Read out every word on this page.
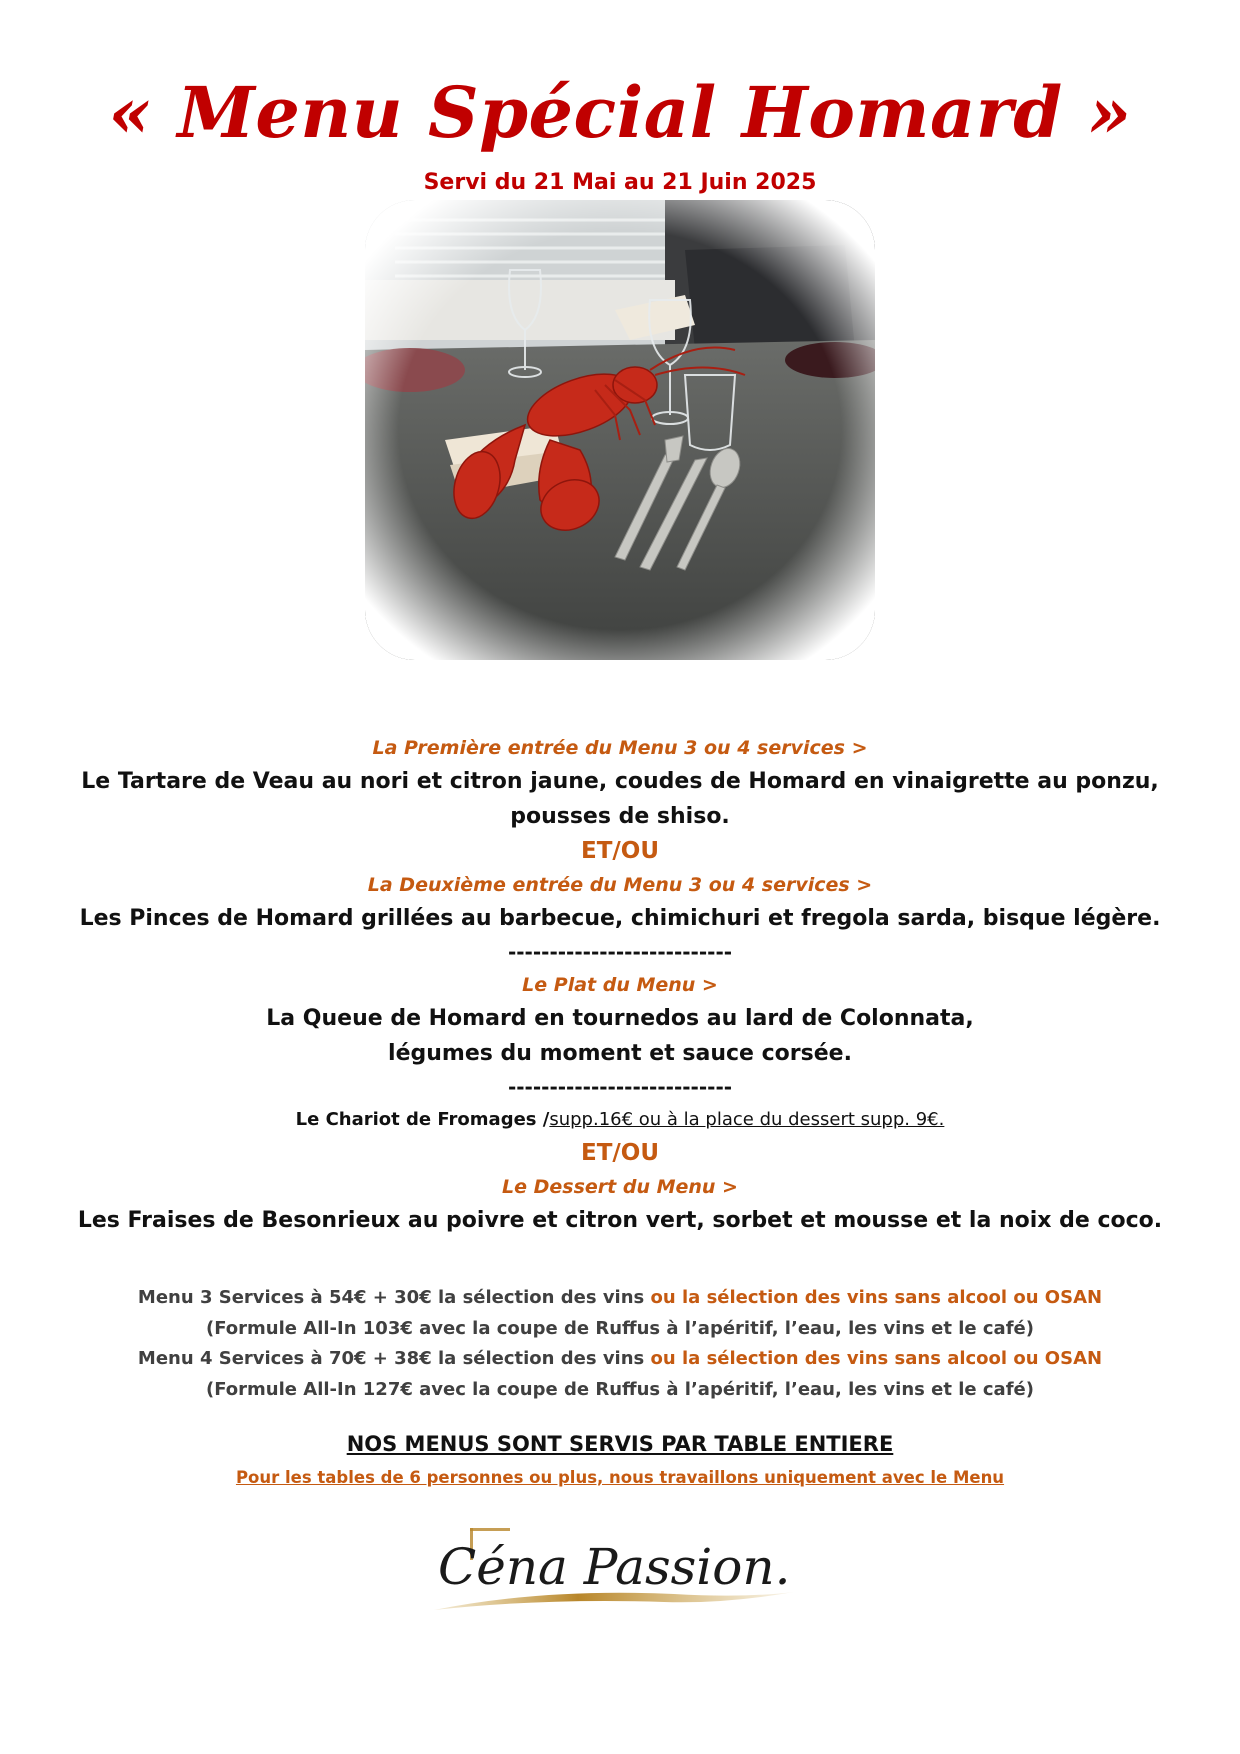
« Menu Spécial Homard »
Servi du 21 Mai au 21 Juin 2025
La Première entrée du Menu 3 ou 4 services >
Le Tartare de Veau au nori et citron jaune, coudes de Homard en vinaigrette au ponzu,
pousses de shiso.
ET/OU
La Deuxième entrée du Menu 3 ou 4 services >
Les Pinces de Homard grillées au barbecue, chimichuri et fregola sarda, bisque légère.
---------------------------
Le Plat du Menu >
La Queue de Homard en tournedos au lard de Colonnata,
légumes du moment et sauce corsée.
---------------------------
Le Chariot de Fromages /supp.16€ ou à la place du dessert supp. 9€.
ET/OU
Le Dessert du Menu >
Les Fraises de Besonrieux au poivre et citron vert, sorbet et mousse et la noix de coco.
Menu 3 Services à 54€ + 30€ la sélection des vins ou la sélection des vins sans alcool ou OSAN
(Formule All-In 103€ avec la coupe de Ruffus à l’apéritif, l’eau, les vins et le café)
Menu 4 Services à 70€ + 38€ la sélection des vins ou la sélection des vins sans alcool ou OSAN
(Formule All-In 127€ avec la coupe de Ruffus à l’apéritif, l’eau, les vins et le café)
NOS MENUS SONT SERVIS PAR TABLE ENTIERE
Pour les tables de 6 personnes ou plus, nous travaillons uniquement avec le Menu
Céna Passion.
